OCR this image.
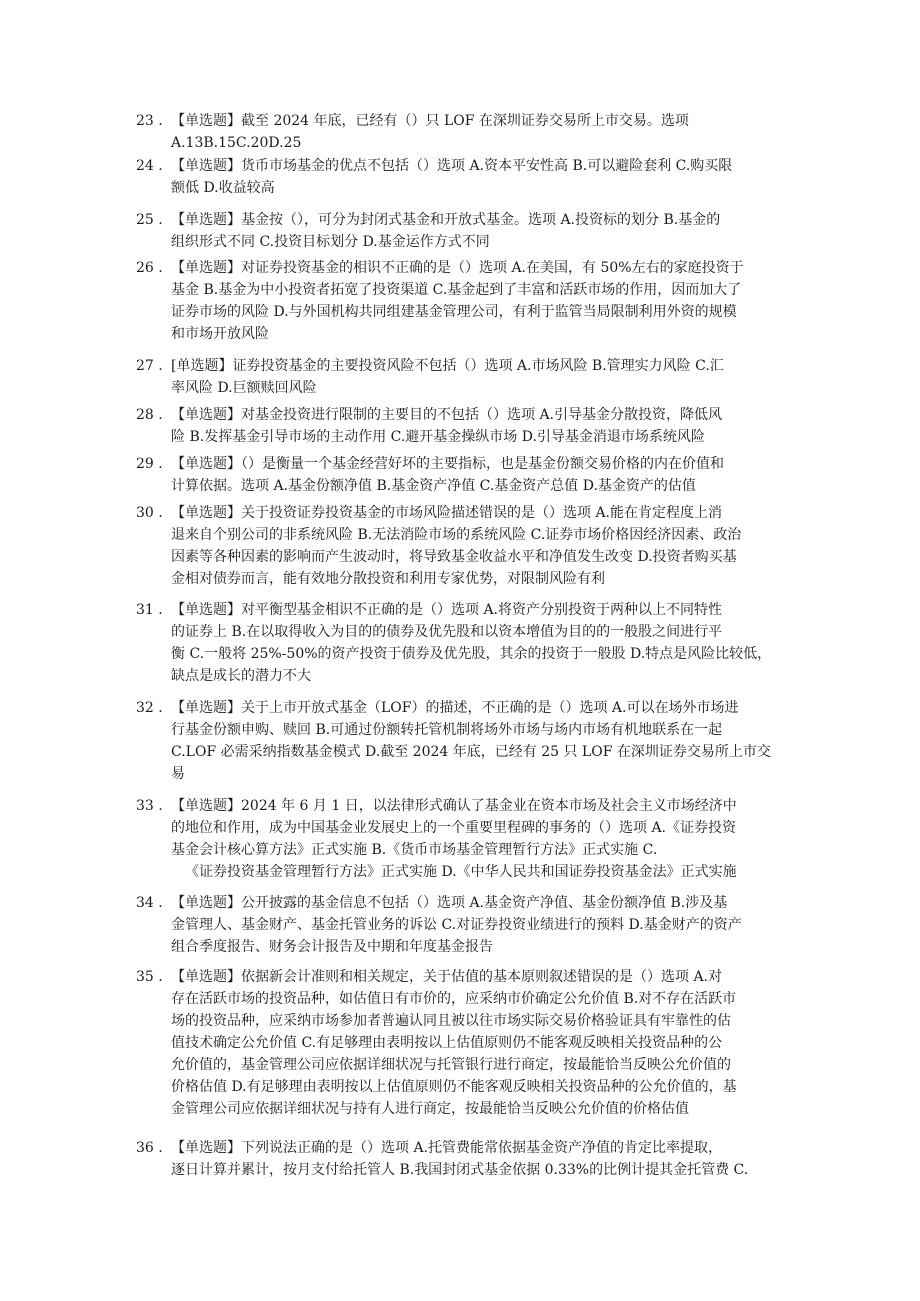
23 . 【单选题】截至 2024 年底，已经有（）只 LOF 在深圳证券交易所上市交易。选项
A.13B.15C.20D.25
24 . 【单选题】货币市场基金的优点不包括（）选项 A.资本平安性高 B.可以避险套利 C.购买限
额低 D.收益较高
25 . 【单选题】基金按（），可分为封闭式基金和开放式基金。选项 A.投资标的划分 B.基金的
组织形式不同 C.投资目标划分 D.基金运作方式不同
26 . 【单选题】对证券投资基金的相识不正确的是（）选项 A.在美国，有 50%左右的家庭投资于
基金 B.基金为中小投资者拓宽了投资渠道 C.基金起到了丰富和活跃市场的作用，因而加大了
证券市场的风险 D.与外国机构共同组建基金管理公司，有利于监管当局限制利用外资的规模
和市场开放风险
27 . [单选题】证券投资基金的主要投资风险不包括（）选项 A.市场风险 B.管理实力风险 C.汇
率风险 D.巨额赎回风险
28 . 【单选题】对基金投资进行限制的主要目的不包括（）选项 A.引导基金分散投资，降低风
险 B.发挥基金引导市场的主动作用 C.避开基金操纵市场 D.引导基金消退市场系统风险
29 . 【单选题】（）是衡量一个基金经营好坏的主要指标，也是基金份额交易价格的内在价值和
计算依据。选项 A.基金份额净值 B.基金资产净值 C.基金资产总值 D.基金资产的估值
30 . 【单选题】关于投资证券投资基金的市场风险描述错误的是（）选项 A.能在肯定程度上消
退来自个别公司的非系统风险 B.无法消险市场的系统风险 C.证券市场价格因经济因素、政治
因素等各种因素的影响而产生波动时，将导致基金收益水平和净值发生改变 D.投资者购买基
金相对债券而言，能有效地分散投资和利用专家优势，对限制风险有利
31 . 【单选题】对平衡型基金相识不正确的是（）选项 A.将资产分别投资于两种以上不同特性
的证券上 B.在以取得收入为目的的债券及优先股和以资本增值为目的的一般股之间进行平
衡 C.一般将 25%-50%的资产投资于债券及优先股，其余的投资于一般股 D.特点是风险比较低，
缺点是成长的潜力不大
32 . 【单选题】关于上市开放式基金（LOF）的描述，不正确的是（）选项 A.可以在场外市场进
行基金份额申购、赎回 B.可通过份额转托管机制将场外市场与场内市场有机地联系在一起
C.LOF 必需采纳指数基金模式 D.截至 2024 年底，已经有 25 只 LOF 在深圳证券交易所上市交
易
33 . 【单选题】2024 年 6 月 1 日，以法律形式确认了基金业在资本市场及社会主义市场经济中
的地位和作用，成为中国基金业发展史上的一个重要里程碑的事务的（）选项 A.《证券投资
基金会计核心算方法》正式实施 B.《货币市场基金管理暂行方法》正式实施 C.
《证券投资基金管理暂行方法》正式实施 D.《中华人民共和国证券投资基金法》正式实施
34 . 【单选题】公开披露的基金信息不包括（）选项 A.基金资产净值、基金份额净值 B.涉及基
金管理人、基金财产、基金托管业务的诉讼 C.对证券投资业绩进行的预料 D.基金财产的资产
组合季度报告、财务会计报告及中期和年度基金报告
35 . 【单选题】依据新会计准则和相关规定，关于估值的基本原则叙述错误的是（）选项 A.对
存在活跃市场的投资品种，如估值日有市价的，应采纳市价确定公允价值 B.对不存在活跃市
场的投资品种，应采纳市场参加者普遍认同且被以往市场实际交易价格验证具有牢靠性的估
值技术确定公允价值 C.有足够理由表明按以上估值原则仍不能客观反映相关投资品种的公
允价值的，基金管理公司应依据详细状况与托管银行进行商定，按最能恰当反映公允价值的
价格估值 D.有足够理由表明按以上估值原则仍不能客观反映相关投资品种的公允价值的，基
金管理公司应依据详细状况与持有人进行商定，按最能恰当反映公允价值的价格估值
36 . 【单选题】下列说法正确的是（）选项 A.托管费能常依据基金资产净值的肯定比率提取，
逐日计算并累计，按月支付给托管人 B.我国封闭式基金依据 0.33%的比例计提其金托管费 C.
